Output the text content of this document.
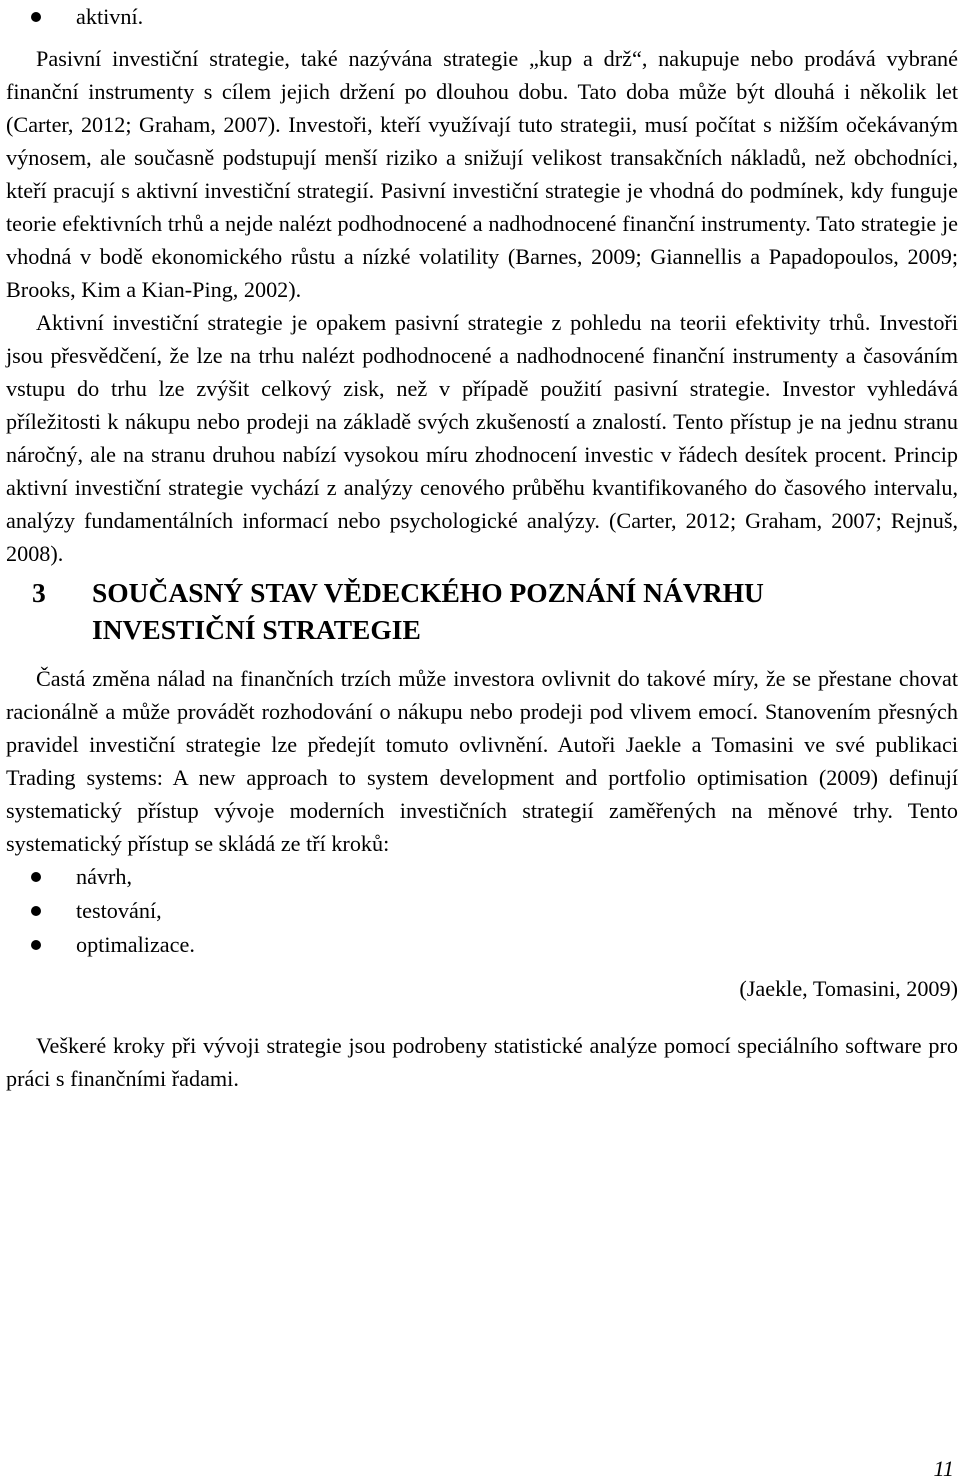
aktivní.

Pasivní investiční strategie, také nazývána strategie „kup a drž“, nakupuje nebo prodává vybrané finanční instrumenty s cílem jejich držení po dlouhou dobu. Tato doba může být dlouhá i několik let (Carter, 2012; Graham, 2007). Investoři, kteří využívají tuto strategii, musí počítat s nižším očekávaným výnosem, ale současně podstupují menší riziko a snižují velikost transakčních nákladů, než obchodníci, kteří pracují s aktivní investiční strategií. Pasivní investiční strategie je vhodná do podmínek, kdy funguje teorie efektivních trhů a nejde nalézt podhodnocené a nadhodnocené finanční instrumenty. Tato strategie je vhodná v bodě ekonomického růstu a nízké volatility (Barnes, 2009; Giannellis a Papadopoulos, 2009; Brooks, Kim a Kian-Ping, 2002).

Aktivní investiční strategie je opakem pasivní strategie z pohledu na teorii efektivity trhů. Investoři jsou přesvědčení, že lze na trhu nalézt podhodnocené a nadhodnocené finanční instrumenty a časováním vstupu do trhu lze zvýšit celkový zisk, než v případě použití pasivní strategie. Investor vyhledává příležitosti k nákupu nebo prodeji na základě svých zkušeností a znalostí. Tento přístup je na jednu stranu náročný, ale na stranu druhou nabízí vysokou míru zhodnocení investic v řádech desítek procent. Princip aktivní investiční strategie vychází z analýzy cenového průběhu kvantifikovaného do časového intervalu, analýzy fundamentálních informací nebo psychologické analýzy. (Carter, 2012; Graham, 2007; Rejnuš, 2008).

3 SOUČASNÝ STAV VĚDECKÉHO POZNÁNÍ NÁVRHU
INVESTIČNÍ STRATEGIE

Častá změna nálad na finančních trzích může investora ovlivnit do takové míry, že se přestane chovat racionálně a může provádět rozhodování o nákupu nebo prodeji pod vlivem emocí. Stanovením přesných pravidel investiční strategie lze předejít tomuto ovlivnění. Autoři Jaekle a Tomasini ve své publikaci Trading systems: A new approach to system development and portfolio optimisation (2009) definují systematický přístup vývoje moderních investičních strategií zaměřených na měnové trhy. Tento systematický přístup se skládá ze tří kroků:

návrh,
testování,
optimalizace.
(Jaekle, Tomasini, 2009)

Veškeré kroky při vývoji strategie jsou podrobeny statistické analýze pomocí speciálního software pro práci s finančními řadami.

11
